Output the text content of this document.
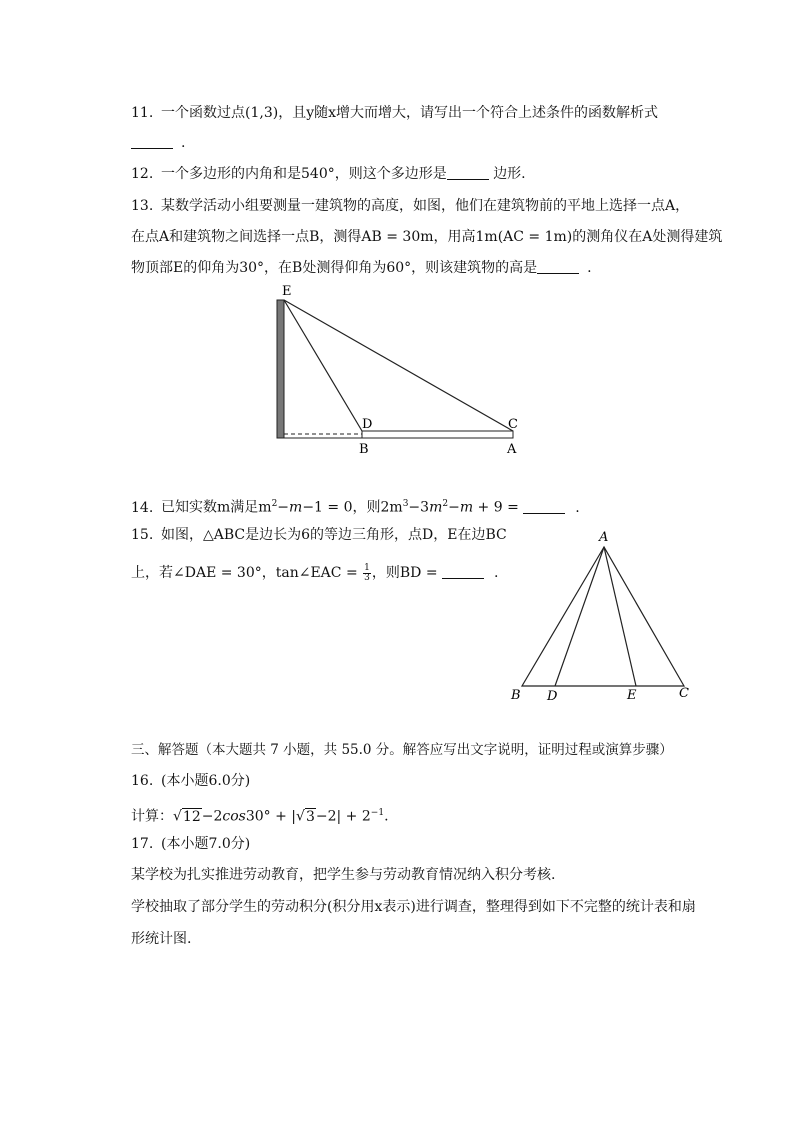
11. 一个函数过点(1,3)，且y随x增大而增大，请写出一个符合上述条件的函数解析式
.
12. 一个多边形的内角和是540°，则这个多边形是	边形.
13. 某数学活动小组要测量一建筑物的高度，如图，他们在建筑物前的平地上选择一点A，
在点A和建筑物之间选择一点B，测得AB = 30m，用高1m(AC = 1m)的测角仪在A处测得建筑
物顶部E的仰角为30°，在B处测得仰角为60°，则该建筑物的高是	.
E
D	C
B	A
14. 已知实数m满足$m^2-m-1 = 0$，则$2m^3-3m^2-m + 9$ =	.
15. 如图，△ABC是边长为6的等边三角形，点D，E在边BC
上，若∠DAE = 30°，tan∠EAC = $\frac{1}{3}$ ，则BD =	.
A
B D	E	C
三、解答题（本大题共 7 小题，共 55.0 分。解答应写出文字说明，证明过程或演算步骤）
16. (本小题6.0分)
计算：$√12-2\cos 30^\circ + |√3-2| + 2^{-1}$.
17. (本小题7.0分)
某学校为扎实推进劳动教育，把学生参与劳动教育情况纳入积分考核.
学校抽取了部分学生的劳动积分(积分用x表示)进行调查，整理得到如下不完整的统计表和扇
形统计图.
